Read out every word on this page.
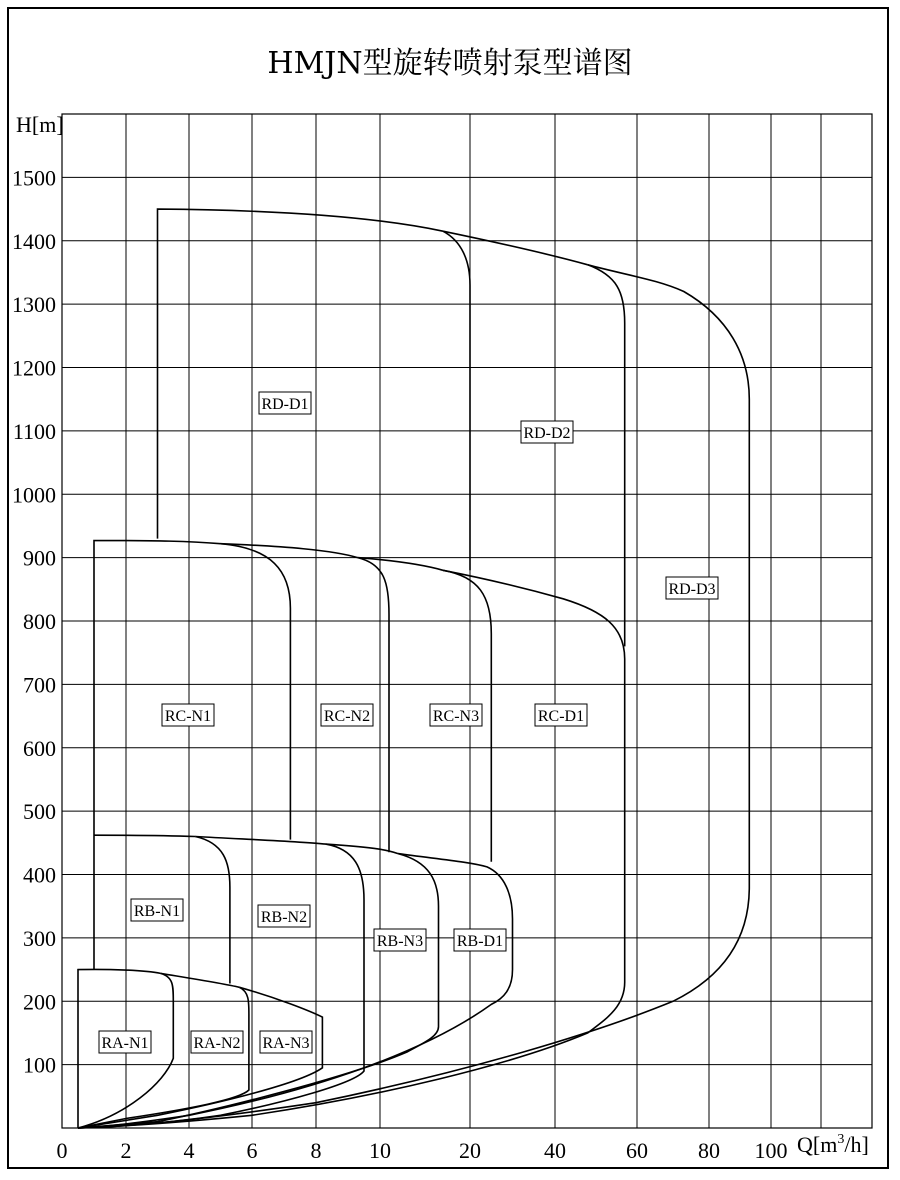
HMJN型旋转喷射泵型谱图
100
200
300
400
500
600
700
800
900
1000
1100
1200
1300
1400
1500
0 2 4 6 8 10	20	40	60 80 100
H[m]
$Q[m^3/h]$
RD-D1
RD-D2
RD-D3
RC-N1	RC-N2	RC-N3	RC-D1
RB-N1	RB-N2
RB-N3 RB-D1
RA-N1	RA-N2 RA-N3
